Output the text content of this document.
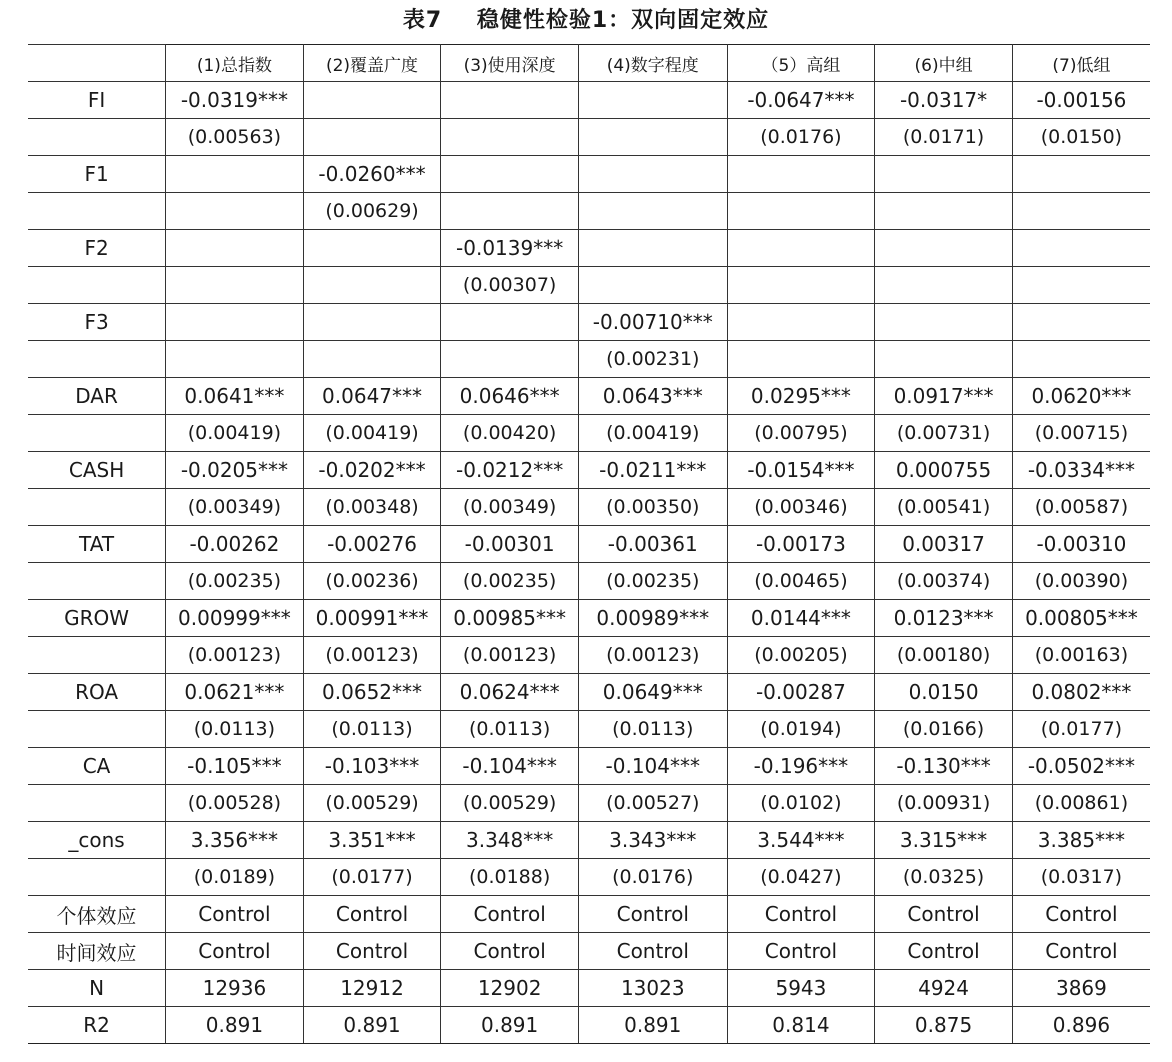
表7 稳健性检验1：双向固定效应
	(1)总指数	(2)覆盖广度	(3)使用深度	(4)数字程度	（5）高组	(6)中组	(7)低组
FI	-0.0319***				-0.0647***	-0.0317*	-0.00156
	(0.00563)				(0.0176)	(0.0171)	(0.0150)
F1		-0.0260***					
		(0.00629)					
F2			-0.0139***				
			(0.00307)				
F3				-0.00710***			
				(0.00231)			
DAR	0.0641***	0.0647***	0.0646***	0.0643***	0.0295***	0.0917***	0.0620***
	(0.00419)	(0.00419)	(0.00420)	(0.00419)	(0.00795)	(0.00731)	(0.00715)
CASH	-0.0205***	-0.0202***	-0.0212***	-0.0211***	-0.0154***	0.000755	-0.0334***
	(0.00349)	(0.00348)	(0.00349)	(0.00350)	(0.00346)	(0.00541)	(0.00587)
TAT	-0.00262	-0.00276	-0.00301	-0.00361	-0.00173	0.00317	-0.00310
	(0.00235)	(0.00236)	(0.00235)	(0.00235)	(0.00465)	(0.00374)	(0.00390)
GROW	0.00999***	0.00991***	0.00985***	0.00989***	0.0144***	0.0123***	0.00805***
	(0.00123)	(0.00123)	(0.00123)	(0.00123)	(0.00205)	(0.00180)	(0.00163)
ROA	0.0621***	0.0652***	0.0624***	0.0649***	-0.00287	0.0150	0.0802***
	(0.0113)	(0.0113)	(0.0113)	(0.0113)	(0.0194)	(0.0166)	(0.0177)
CA	-0.105***	-0.103***	-0.104***	-0.104***	-0.196***	-0.130***	-0.0502***
	(0.00528)	(0.00529)	(0.00529)	(0.00527)	(0.0102)	(0.00931)	(0.00861)
_cons	3.356***	3.351***	3.348***	3.343***	3.544***	3.315***	3.385***
	(0.0189)	(0.0177)	(0.0188)	(0.0176)	(0.0427)	(0.0325)	(0.0317)
个体效应	Control	Control	Control	Control	Control	Control	Control
时间效应	Control	Control	Control	Control	Control	Control	Control
N	12936	12912	12902	13023	5943	4924	3869
R2	0.891	0.891	0.891	0.891	0.814	0.875	0.896
